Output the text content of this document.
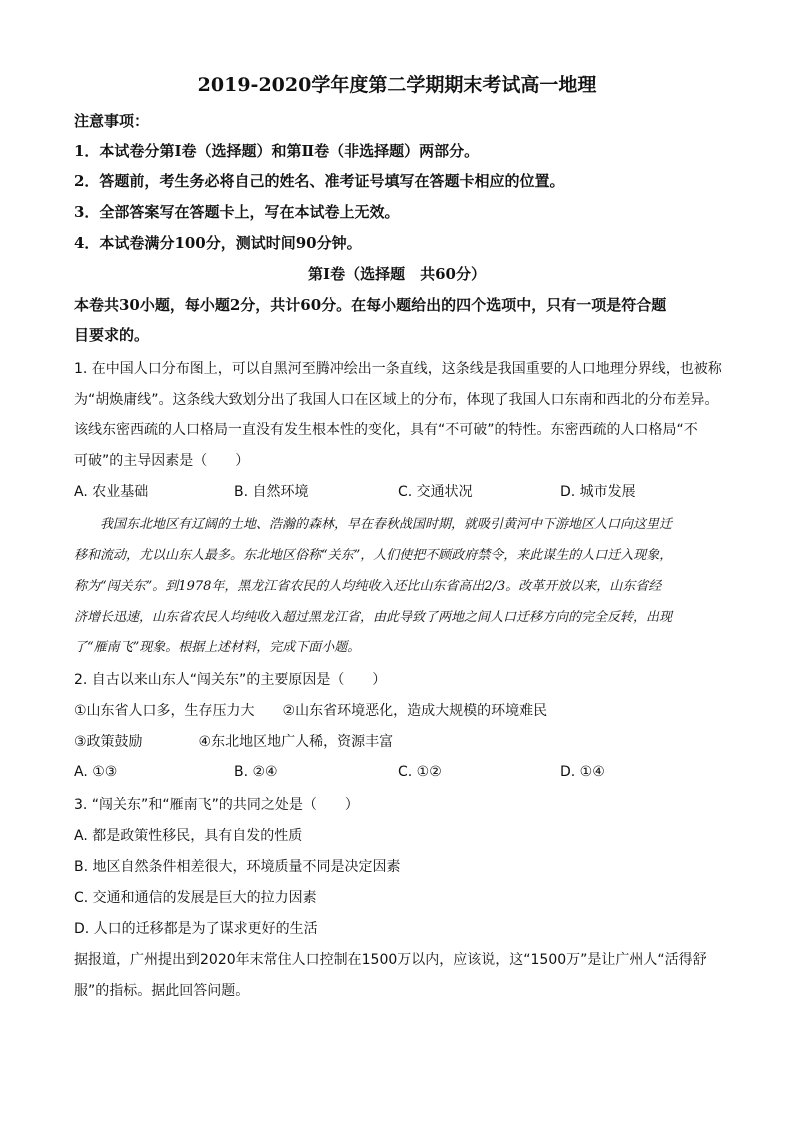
2019-2020学年度第二学期期末考试高一地理
注意事项：
1．本试卷分第Ⅰ卷（选择题）和第Ⅱ卷（非选择题）两部分。
2．答题前，考生务必将自己的姓名、准考证号填写在答题卡相应的位置。
3．全部答案写在答题卡上，写在本试卷上无效。
4．本试卷满分100分，测试时间90分钟。
第Ⅰ卷（选择题　共60分）
本卷共30小题，每小题2分，共计60分。在每小题给出的四个选项中，只有一项是符合题
目要求的。
1. 在中国人口分布图上，可以自黑河至腾冲绘出一条直线，这条线是我国重要的人口地理分界线，也被称
为“胡焕庸线”。这条线大致划分出了我国人口在区域上的分布，体现了我国人口东南和西北的分布差异。
该线东密西疏的人口格局一直没有发生根本性的变化，具有“不可破”的特性。东密西疏的人口格局“不
可破”的主导因素是（　　）
A. 农业基础	B. 自然环境	C. 交通状况	D. 城市发展
我国东北地区有辽阔的土地、浩瀚的森林，早在春秋战国时期，就吸引黄河中下游地区人口向这里迁
移和流动，尤以山东人最多。东北地区俗称“关东”，人们使把不顾政府禁令，来此谋生的人口迁入现象，
称为“闯关东”。到1978年，黑龙江省农民的人均纯收入还比山东省高出2/3。改革开放以来，山东省经
济增长迅速，山东省农民人均纯收入超过黑龙江省，由此导致了两地之间人口迁移方向的完全反转，出现
了“雁南飞”现象。根据上述材料，完成下面小题。
2. 自古以来山东人“闯关东”的主要原因是（　　）
①山东省人口多，生存压力大　　②山东省环境恶化，造成大规模的环境难民
③政策鼓励　　　　④东北地区地广人稀，资源丰富
A. ①③	B. ②④	C. ①②	D. ①④
3. “闯关东”和“雁南飞”的共同之处是（　　）
A. 都是政策性移民，具有自发的性质
B. 地区自然条件相差很大，环境质量不同是决定因素
C. 交通和通信的发展是巨大的拉力因素
D. 人口的迁移都是为了谋求更好的生活
据报道，广州提出到2020年末常住人口控制在1500万以内，应该说，这“1500万”是让广州人“活得舒
服”的指标。据此回答问题。
